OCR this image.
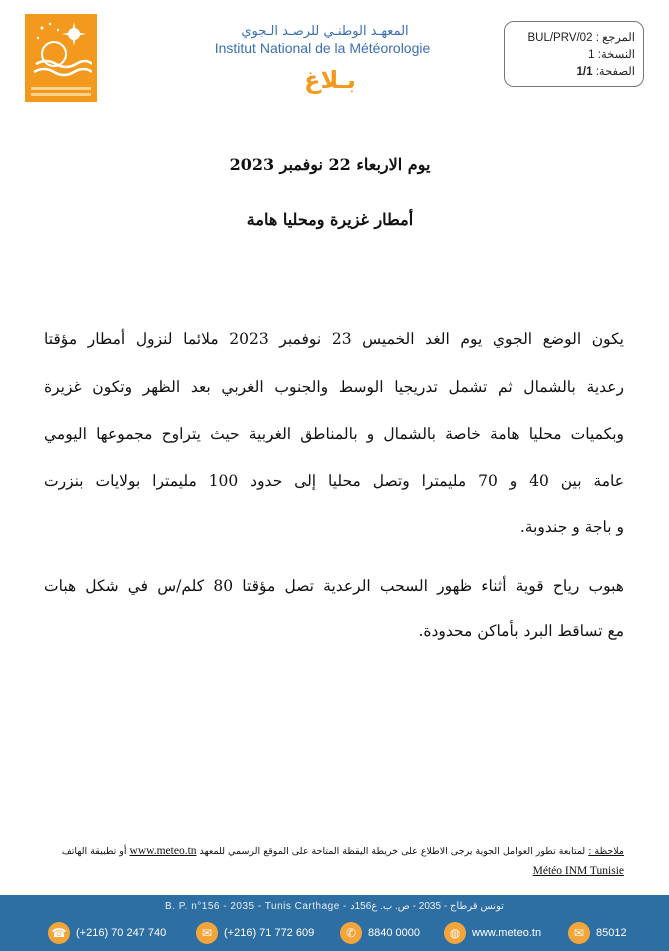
المعهـد الوطنـي للرصـد الـجوي
Institut National de la Météorologie
بـلاغ
المرجع : BUL/PRV/02
النسخة: 1
الصفحة: 1/1
يوم الاربعاء 22 نوفمبر 2023
أمطار غزيرة ومحليا هامة
يكون الوضع الجوي يوم الغد الخميس 23 نوفمبر 2023 ملائما لنزول أمطار مؤقتا
رعدية بالشمال ثم تشمل تدريجيا الوسط والجنوب الغربي بعد الظهر وتكون غزيرة
وبكميات محليا هامة خاصة بالشمال و بالمناطق الغربية حيث يتراوح مجموعها اليومي
عامة بين 40 و 70 مليمترا وتصل محليا إلى حدود 100 مليمترا بولايات بنزرت
و باجة و جندوبة.
هبوب رياح قوية أثناء ظهور السحب الرعدية تصل مؤقتا 80 كلم/س في شكل هبات
مع تساقط البرد بأماكن محدودة.
ملاحظة : لمتابعة تطور العوامل الجوية يرجى الاطلاع على خريطة اليقظة المتاحة على الموقع الرسمي للمعهد www.meteo.tn أو تطبيقة الهاتف
Météo INM Tunisie
B. P. n°156 - 2035 - Tunis Carthage - تونس قرطاج - 2035 - ص. ب. ع156د
☎ (+216) 70 247 740	✉	(+216) 71 772 609	✆	8840 0000	◍	www.meteo.tn	✉	85012
